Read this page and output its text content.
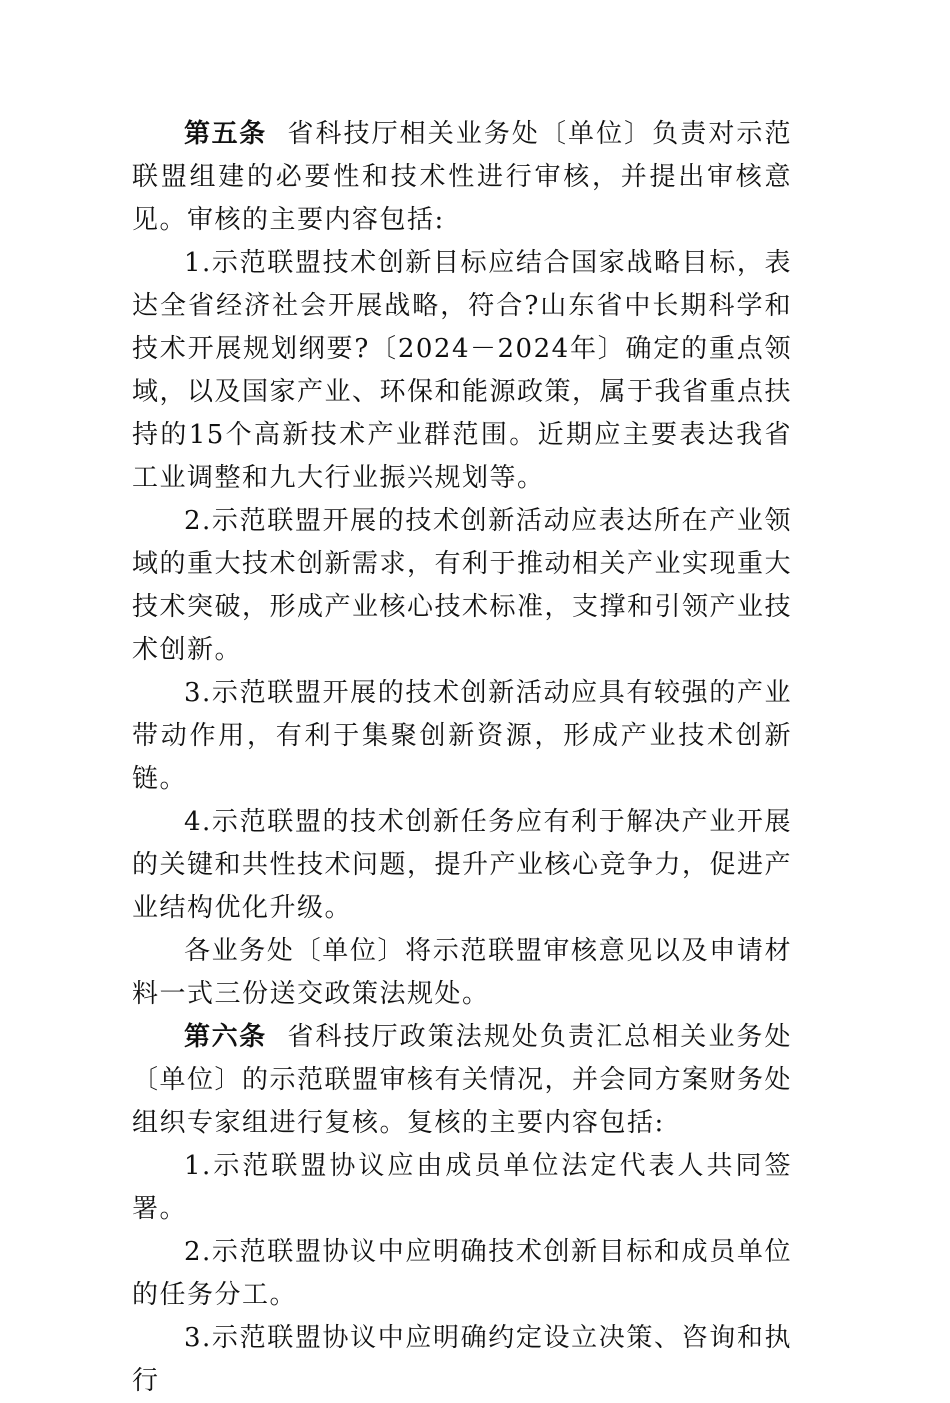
第五条 省科技厅相关业务处〔单位〕负责对示范联盟组建的必要性和技术性进行审核，并提出审核意见。审核的主要内容包括:

1.示范联盟技术创新目标应结合国家战略目标，表达全省经济社会开展战略，符合?山东省中长期科学和技术开展规划纲要?〔2024－2024年〕确定的重点领域，以及国家产业、环保和能源政策，属于我省重点扶持的15个高新技术产业群范围。近期应主要表达我省工业调整和九大行业振兴规划等。

2.示范联盟开展的技术创新活动应表达所在产业领域的重大技术创新需求，有利于推动相关产业实现重大技术突破，形成产业核心技术标准，支撑和引领产业技术创新。

3.示范联盟开展的技术创新活动应具有较强的产业带动作用，有利于集聚创新资源，形成产业技术创新链。

4.示范联盟的技术创新任务应有利于解决产业开展的关键和共性技术问题，提升产业核心竞争力，促进产业结构优化升级。

各业务处〔单位〕将示范联盟审核意见以及申请材料一式三份送交政策法规处。

第六条 省科技厅政策法规处负责汇总相关业务处〔单位〕的示范联盟审核有关情况，并会同方案财务处组织专家组进行复核。复核的主要内容包括:

1.示范联盟协议应由成员单位法定代表人共同签署。

2.示范联盟协议中应明确技术创新目标和成员单位的任务分工。

3.示范联盟协议中应明确约定设立决策、咨询和执行
